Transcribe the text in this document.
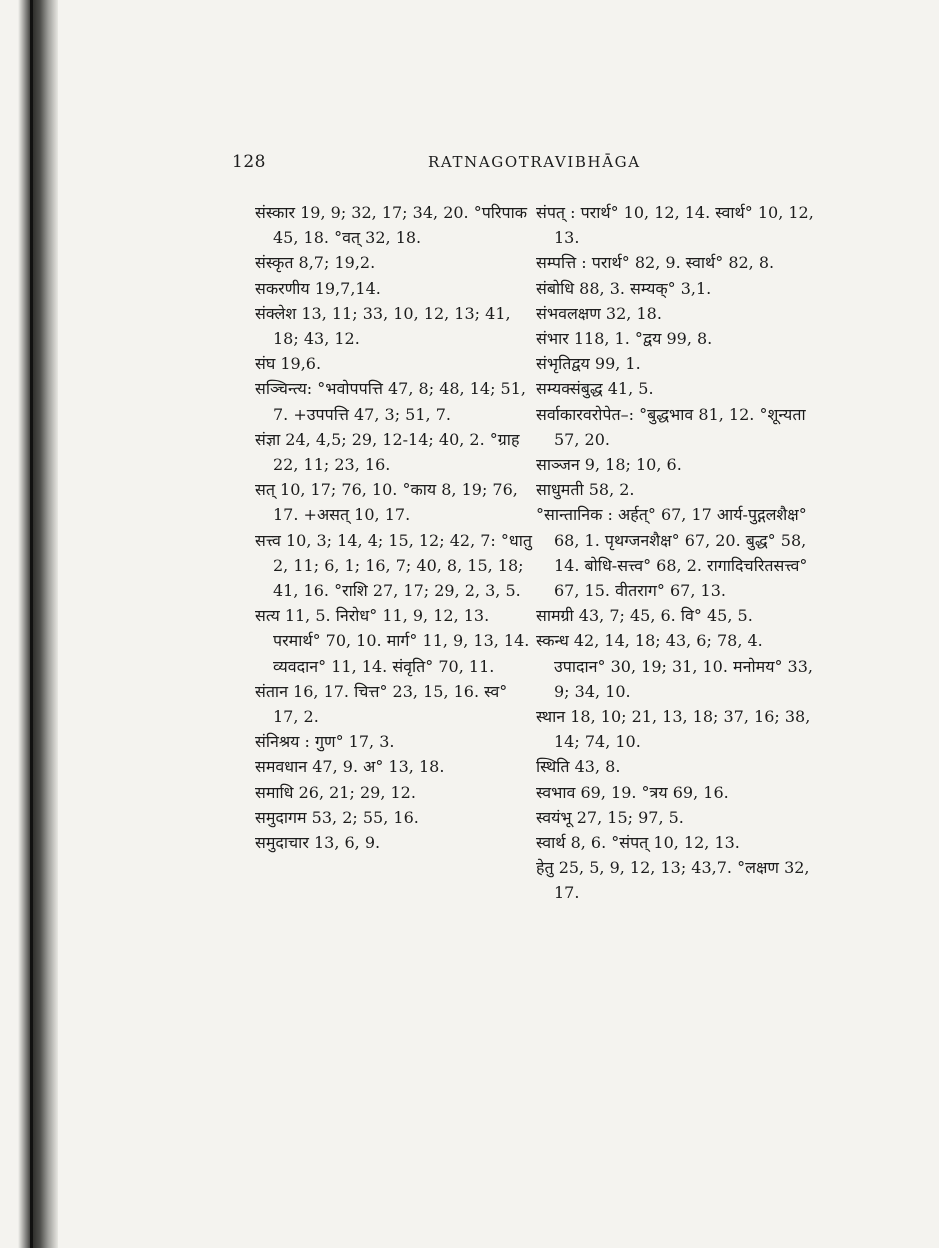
128	RATNAGOTRAVIBHĀGA

संस्कार 19, 9; 32, 17; 34, 20. °परिपाक 45, 18. °वत् 32, 18.

संस्कृत 8,7; 19,2.

सकरणीय 19,7,14.

संक्लेश 13, 11; 33, 10, 12, 13; 41, 18; 43, 12.

संघ 19,6.

सञ्चिन्त्य: °भवोपपत्ति 47, 8; 48, 14; 51, 7. +उपपत्ति 47, 3; 51, 7.

संज्ञा 24, 4,5; 29, 12-14; 40, 2. °ग्राह 22, 11; 23, 16.

सत् 10, 17; 76, 10. °काय 8, 19; 76, 17. +असत् 10, 17.

सत्त्व 10, 3; 14, 4; 15, 12; 42, 7: °धातु 2, 11; 6, 1; 16, 7; 40, 8, 15, 18; 41, 16. °राशि 27, 17; 29, 2, 3, 5.

सत्य 11, 5. निरोध° 11, 9, 12, 13. परमार्थ° 70, 10. मार्ग° 11, 9, 13, 14. व्यवदान° 11, 14. संवृति° 70, 11.

संतान 16, 17. चित्त° 23, 15, 16. स्व° 17, 2.

संनिश्रय : गुण° 17, 3.

समवधान 47, 9. अ° 13, 18.

समाधि 26, 21; 29, 12.

समुदागम 53, 2; 55, 16.

समुदाचार 13, 6, 9.

संपत् : परार्थ° 10, 12, 14. स्वार्थ° 10, 12, 13.

सम्पत्ति : परार्थ° 82, 9. स्वार्थ° 82, 8.

संबोधि 88, 3. सम्यक्° 3,1.

संभवलक्षण 32, 18.

संभार 118, 1. °द्वय 99, 8.

संभृतिद्वय 99, 1.

सम्यक्संबुद्ध 41, 5.

सर्वाकारवरोपेत–: °बुद्धभाव 81, 12. °शून्यता 57, 20.

साञ्जन 9, 18; 10, 6.

साधुमती 58, 2.

°सान्तानिक : अर्हत्° 67, 17 आर्य-पुद्गलशैक्ष° 68, 1. पृथग्जनशैक्ष° 67, 20. बुद्ध° 58, 14. बोधि-सत्त्व° 68, 2. रागादिचरितसत्त्व° 67, 15. वीतराग° 67, 13.

सामग्री 43, 7; 45, 6. वि° 45, 5.

स्कन्ध 42, 14, 18; 43, 6; 78, 4. उपादान° 30, 19; 31, 10. मनोमय° 33, 9; 34, 10.

स्थान 18, 10; 21, 13, 18; 37, 16; 38, 14; 74, 10.

स्थिति 43, 8.

स्वभाव 69, 19. °त्रय 69, 16.

स्वयंभू 27, 15; 97, 5.

स्वार्थ 8, 6. °संपत् 10, 12, 13.

हेतु 25, 5, 9, 12, 13; 43,7. °लक्षण 32, 17.
